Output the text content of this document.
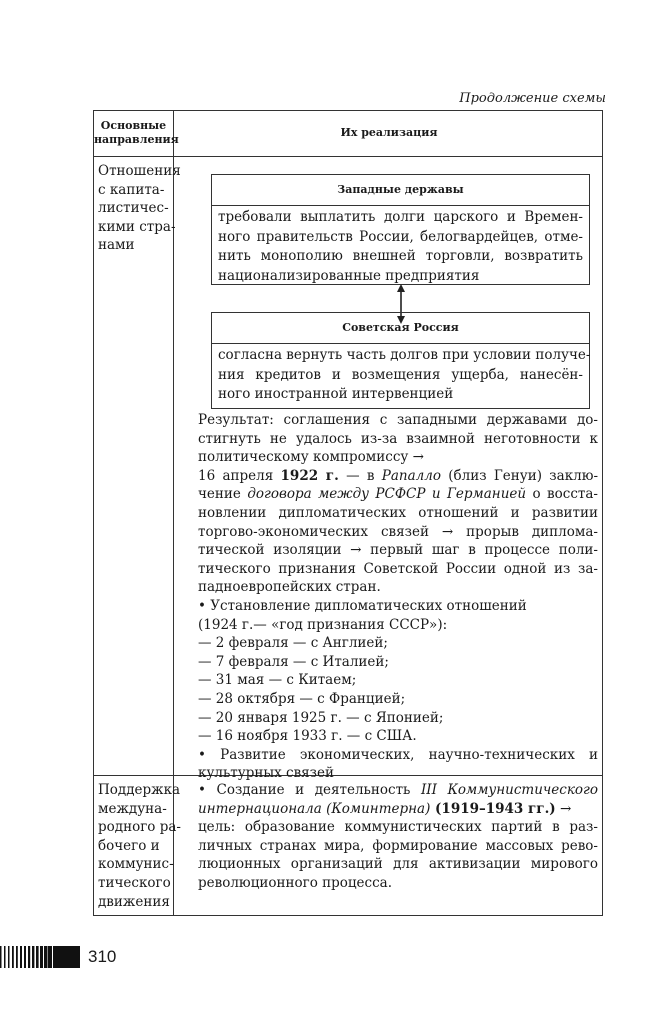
Продолжение схемы
Основные
направления
Их реализация
Отношения
с капита-
листичес-
кими стра-
нами
Западные державы
требовали выплатить долги царского и Времен-
ного правительств России, белогвардейцев, отме-
нить монополию внешней торговли, возвратить
национализированные предприятия
Советская Россия
согласна вернуть часть долгов при условии получе-
ния кредитов и возмещения ущерба, нанесён-
ного иностранной интервенцией
Результат: соглашения с западными державами до-
стигнуть не удалось из-за взаимной неготовности к
политическому компромиссу →
16 апреля 1922 г. — в Рапалло (близ Генуи) заклю-
чение договора между РСФСР и Германией о восста-
новлении дипломатических отношений и развитии
торгово-экономических связей → прорыв диплома-
тической изоляции → первый шаг в процессе поли-
тического признания Советской России одной из за-
падноевропейских стран.
• Установление дипломатических отношений
(1924 г.— «год признания СССР»):
— 2 февраля — с Англией;
— 7 февраля — с Италией;
— 31 мая — с Китаем;
— 28 октября — с Францией;
— 20 января 1925 г. — с Японией;
— 16 ноября 1933 г. — с США.
• Развитие экономических, научно-технических и
культурных связей
Поддержка
междуна-
родного ра-
бочего и
коммунис-
тического
движения
• Создание и деятельность III Коммунистического
интернационала (Коминтерна) (1919–1943 гг.) →
цель: образование коммунистических партий в раз-
личных странах мира, формирование массовых рево-
люционных организаций для активизации мирового
революционного процесса.
310
